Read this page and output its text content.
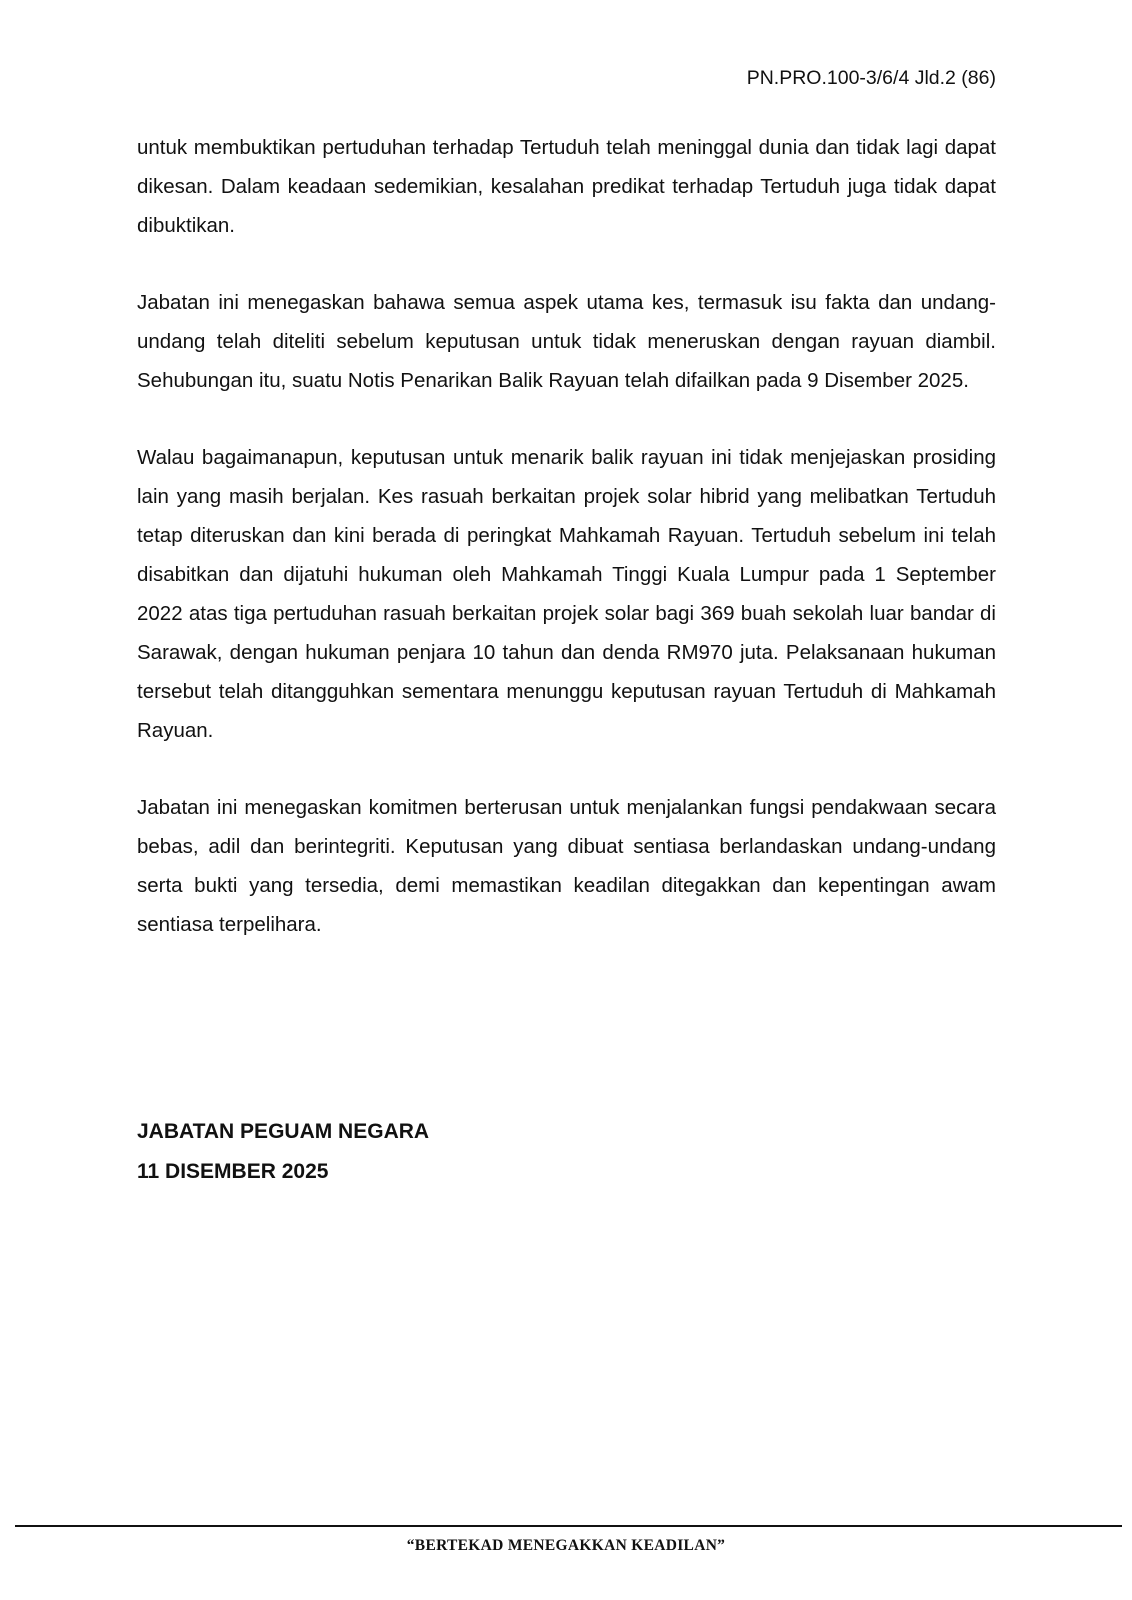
PN.PRO.100-3/6/4 Jld.2 (86)

untuk membuktikan pertuduhan terhadap Tertuduh telah meninggal dunia dan tidak lagi dapat dikesan. Dalam keadaan sedemikian, kesalahan predikat terhadap Tertuduh juga tidak dapat dibuktikan.

Jabatan ini menegaskan bahawa semua aspek utama kes, termasuk isu fakta dan undang-undang telah diteliti sebelum keputusan untuk tidak meneruskan dengan rayuan diambil. Sehubungan itu, suatu Notis Penarikan Balik Rayuan telah difailkan pada 9 Disember 2025.

Walau bagaimanapun, keputusan untuk menarik balik rayuan ini tidak menjejaskan prosiding lain yang masih berjalan. Kes rasuah berkaitan projek solar hibrid yang melibatkan Tertuduh tetap diteruskan dan kini berada di peringkat Mahkamah Rayuan. Tertuduh sebelum ini telah disabitkan dan dijatuhi hukuman oleh Mahkamah Tinggi Kuala Lumpur pada 1 September 2022 atas tiga pertuduhan rasuah berkaitan projek solar bagi 369 buah sekolah luar bandar di Sarawak, dengan hukuman penjara 10 tahun dan denda RM970 juta. Pelaksanaan hukuman tersebut telah ditangguhkan sementara menunggu keputusan rayuan Tertuduh di Mahkamah Rayuan.

Jabatan ini menegaskan komitmen berterusan untuk menjalankan fungsi pendakwaan secara bebas, adil dan berintegriti. Keputusan yang dibuat sentiasa berlandaskan undang-undang serta bukti yang tersedia, demi memastikan keadilan ditegakkan dan kepentingan awam sentiasa terpelihara.

JABATAN PEGUAM NEGARA
11 DISEMBER 2025
“BERTEKAD MENEGAKKAN KEADILAN”
